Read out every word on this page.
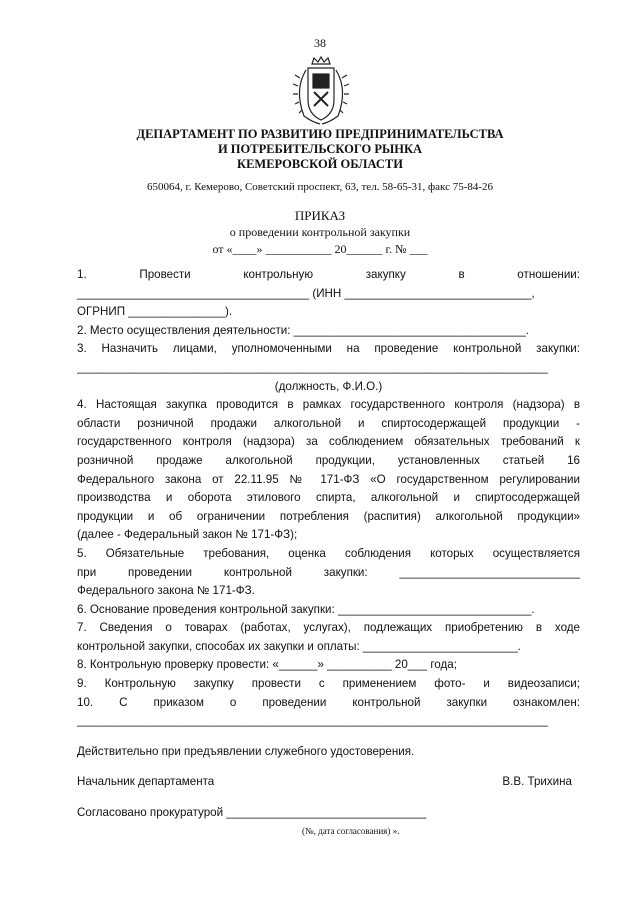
38
ДЕПАРТАМЕНТ ПО РАЗВИТИЮ ПРЕДПРИНИМАТЕЛЬСТВА
И ПОТРЕБИТЕЛЬСКОГО РЫНКА
КЕМЕРОВСКОЙ ОБЛАСТИ
650064, г. Кемерово, Советский проспект, 63, тел. 58-65-31, факс 75-84-26
ПРИКАЗ
о проведении контрольной закупки
от «____» ___________ 20______ г. № ___
1. Провести контрольную закупку в отношении:
____________________________________ (ИНН _____________________________,
ОГРНИП _______________).
2. Место осуществления деятельности: ____________________________________.
3. Назначить лицами, уполномоченными на проведение контрольной закупки:
_________________________________________________________________________
(должность, Ф.И.О.)
4. Настоящая закупка проводится в рамках государственного контроля (надзора) в
области розничной продажи алкогольной и спиртосодержащей продукции -
государственного контроля (надзора) за соблюдением обязательных требований к
розничной продаже алкогольной продукции, установленных статьей 16
Федерального закона от 22.11.95 № 171-ФЗ «О государственном регулировании
производства и оборота этилового спирта, алкогольной и спиртосодержащей
продукции и об ограничении потребления (распития) алкогольной продукции»
(далее - Федеральный закон № 171-ФЗ);
5. Обязательные требования, оценка соблюдения которых осуществляется
при проведении контрольной закупки: ____________________________
Федерального закона № 171-ФЗ.
6. Основание проведения контрольной закупки: ______________________________.
7. Сведения о товарах (работах, услугах), подлежащих приобретению в ходе
контрольной закупки, способах их закупки и оплаты: ________________________.
8. Контрольную проверку провести: «______» __________ 20___ года;
9. Контрольную закупку провести с применением фото- и видеозаписи;
10. С приказом о проведении контрольной закупки ознакомлен:
_________________________________________________________________________
Действительно при предъявлении служебного удостоверения.
Начальник департамента	В.В. Трихина
Согласовано прокуратурой _______________________________
(№, дата согласования) ».
